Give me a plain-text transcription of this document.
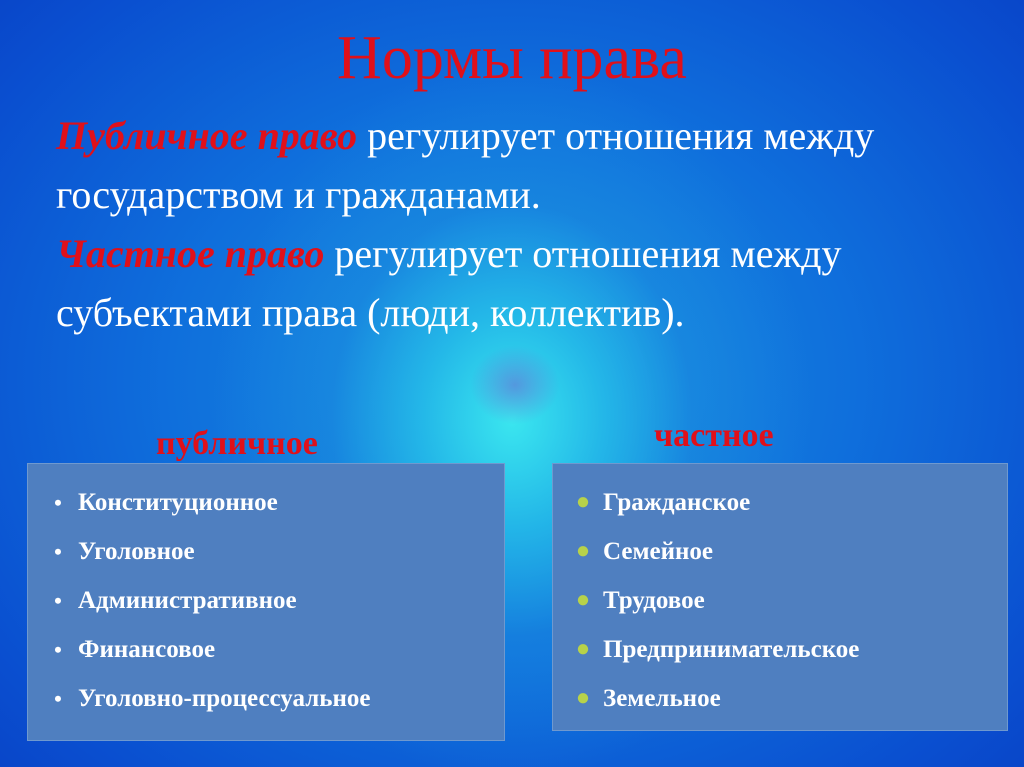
Нормы права
Публичное право регулирует отношения между государством и гражданами.
Частное право регулирует отношения между субъектами права (люди, коллектив).
публичное	частное
• Конституционное
• Уголовное
• Административное
• Финансовое
• Уголовно-процессуальное
● Гражданское
● Семейное
● Трудовое
● Предпринимательское
● Земельное
